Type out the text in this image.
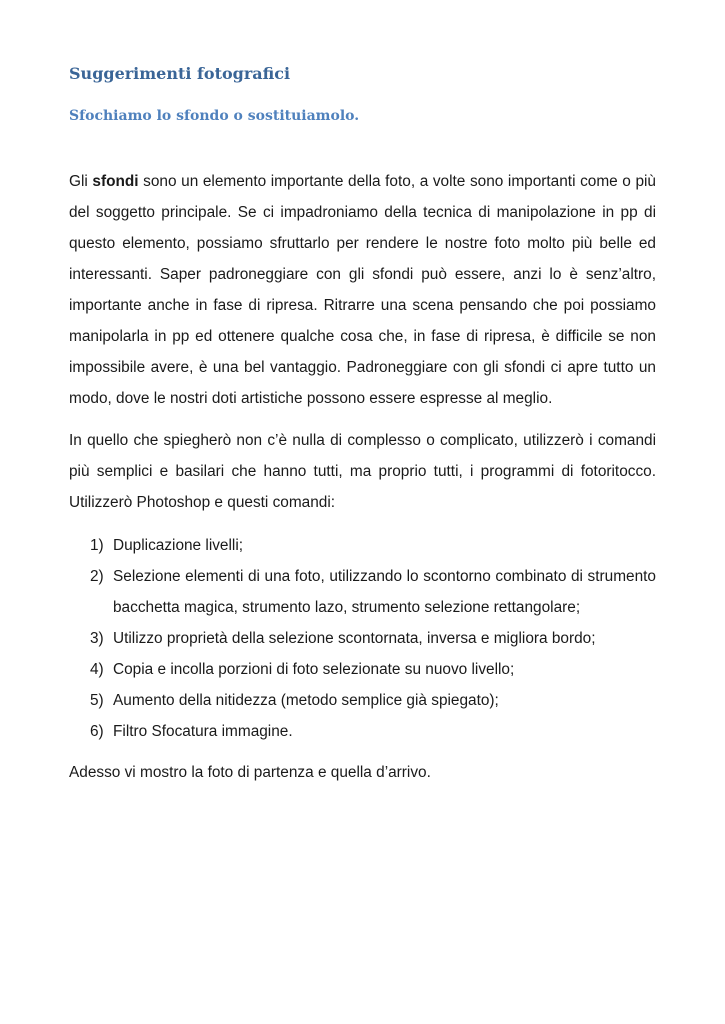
Suggerimenti fotografici
Sfochiamo lo sfondo o sostituiamolo.

Gli sfondi sono un elemento importante della foto, a volte sono importanti come o più del soggetto principale. Se ci impadroniamo della tecnica di manipolazione in pp di questo elemento, possiamo sfruttarlo per rendere le nostre foto molto più belle ed interessanti. Saper padroneggiare con gli sfondi può essere, anzi lo è senz’altro, importante anche in fase di ripresa. Ritrarre una scena pensando che poi possiamo manipolarla in pp ed ottenere qualche cosa che, in fase di ripresa, è difficile se non impossibile avere, è una bel vantaggio. Padroneggiare con gli sfondi ci apre tutto un modo, dove le nostri doti artistiche possono essere espresse al meglio.

In quello che spiegherò non c’è nulla di complesso o complicato, utilizzerò i comandi più semplici e basilari che hanno tutti, ma proprio tutti, i programmi di fotoritocco. Utilizzerò Photoshop e questi comandi:

1) Duplicazione livelli;
2) Selezione elementi di una foto, utilizzando lo scontorno combinato di strumento bacchetta magica, strumento lazo, strumento selezione rettangolare;
3) Utilizzo proprietà della selezione scontornata, inversa e migliora bordo;
4) Copia e incolla porzioni di foto selezionate su nuovo livello;
5) Aumento della nitidezza (metodo semplice già spiegato);
6) Filtro Sfocatura immagine.

Adesso vi mostro la foto di partenza e quella d’arrivo.
